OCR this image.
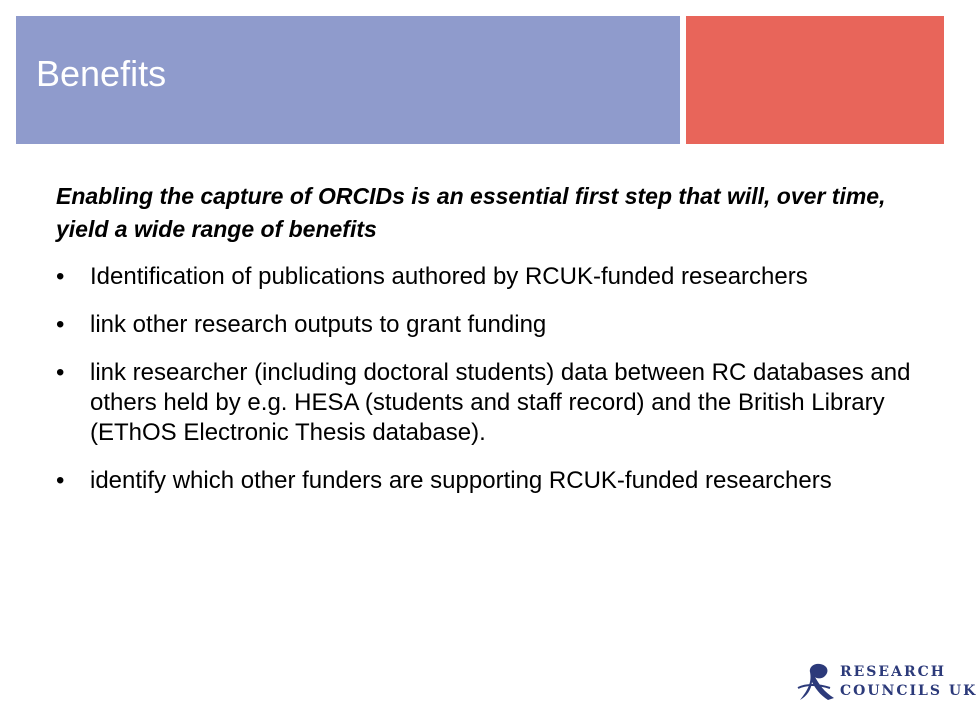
Benefits

Enabling the capture of ORCIDs is an essential first step that will, over time, yield a wide range of benefits

•	Identification of publications authored by RCUK-funded researchers
•	link other research outputs to grant funding
•	link researcher (including doctoral students) data between RC databases and others held by e.g. HESA (students and staff record) and the British Library (EThOS Electronic Thesis database).
•	identify which other funders are supporting RCUK-funded researchers
RESEARCH
COUNCILS UK
